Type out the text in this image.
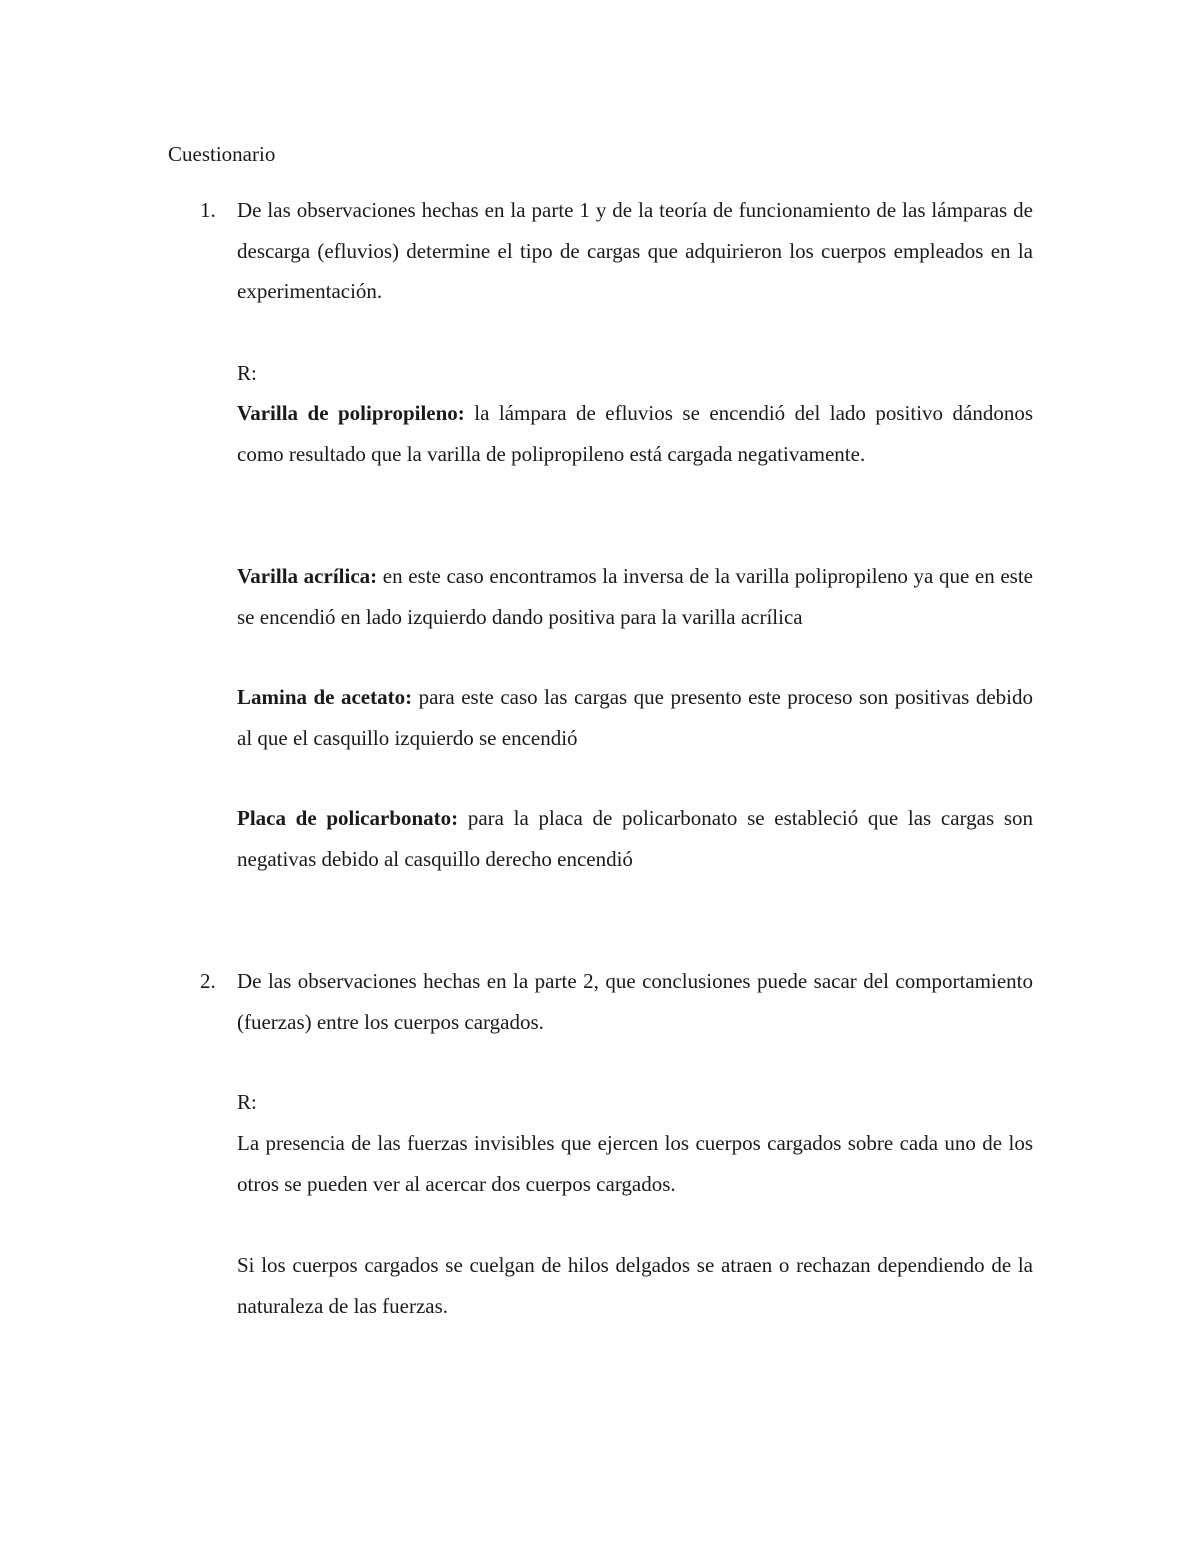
Cuestionario
1. De las observaciones hechas en la parte 1 y de la teoría de funcionamiento de las lámparas de descarga (efluvios) determine el tipo de cargas que adquirieron los cuerpos empleados en la experimentación.

R:

Varilla de polipropileno: la lámpara de efluvios se encendió del lado positivo dándonos como resultado que la varilla de polipropileno está cargada negativamente.

Varilla acrílica: en este caso encontramos la inversa de la varilla polipropileno ya que en este se encendió en lado izquierdo dando positiva para la varilla acrílica

Lamina de acetato: para este caso las cargas que presento este proceso son positivas debido al que el casquillo izquierdo se encendió

Placa de policarbonato: para la placa de policarbonato se estableció que las cargas son negativas debido al casquillo derecho encendió

2. De las observaciones hechas en la parte 2, que conclusiones puede sacar del comportamiento (fuerzas) entre los cuerpos cargados.

R:

La presencia de las fuerzas invisibles que ejercen los cuerpos cargados sobre cada uno de los otros se pueden ver al acercar dos cuerpos cargados.

Si los cuerpos cargados se cuelgan de hilos delgados se atraen o rechazan dependiendo de la naturaleza de las fuerzas.
